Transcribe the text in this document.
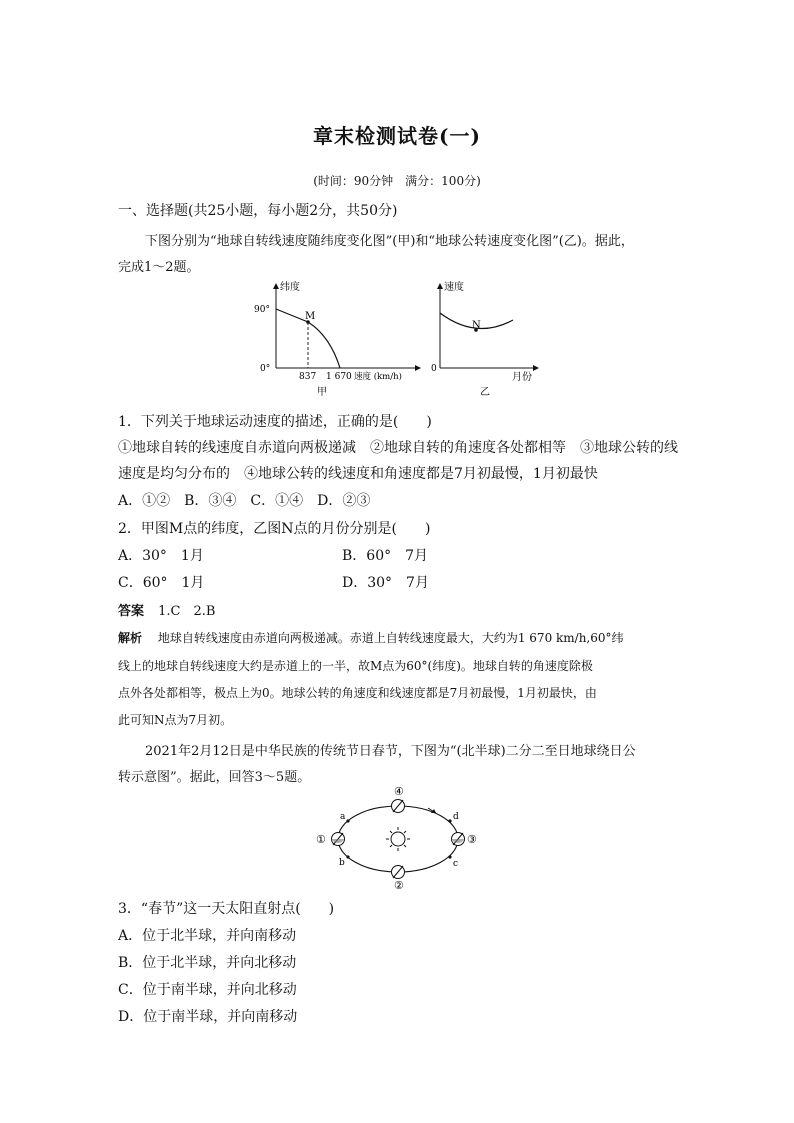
章末检测试卷(一)
(时间：90分钟　满分：100分)
一、选择题(共25小题，每小题2分，共50分)
下图分别为“地球自转线速度随纬度变化图”(甲)和“地球公转速度变化图”(乙)。据此，
完成1～2题。
纬度
90°
0°
M
837 1 670 速度 (km/h)
甲
速度
0
N
月份
乙
1．下列关于地球运动速度的描述，正确的是(　　)
①地球自转的线速度自赤道向两极递减　②地球自转的角速度各处都相等　③地球公转的线
速度是均匀分布的　④地球公转的线速度和角速度都是7月初最慢，1月初最快
A．①②　B．③④　C．①④　D．②③
2．甲图M点的纬度，乙图N点的月份分别是(　　)
A．30°　1月	B．60°　7月
C．60°　1月	D．30°　7月
答案 1.C　2.B
解析 地球自转线速度由赤道向两极递减。赤道上自转线速度最大，大约为1 670 km/h,60°纬
线上的地球自转线速度大约是赤道上的一半，故M点为60°(纬度)。地球自转的角速度除极
点外各处都相等，极点上为0。地球公转的角速度和线速度都是7月初最慢，1月初最快，由
此可知N点为7月初。
2021年2月12日是中华民族的传统节日春节，下图为“(北半球)二分二至日地球绕日公
转示意图”。据此，回答3～5题。
④
②
①	③
a
b	c
d
3．“春节”这一天太阳直射点(　　)
A．位于北半球，并向南移动
B．位于北半球，并向北移动
C．位于南半球，并向北移动
D．位于南半球，并向南移动
